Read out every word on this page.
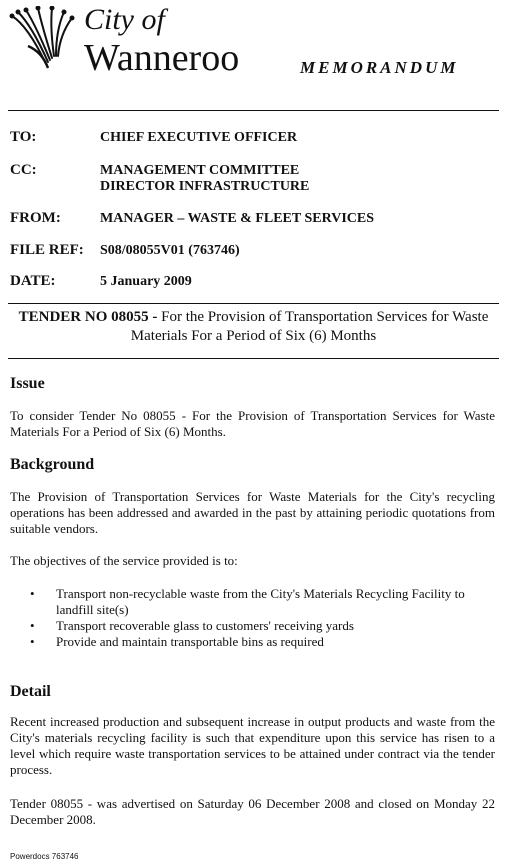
City of
Wanneroo	MEMORANDUM
TO:	CHIEF EXECUTIVE OFFICER
CC:	MANAGEMENT COMMITTEE
DIRECTOR INFRASTRUCTURE
FROM:	MANAGER – WASTE & FLEET SERVICES
FILE REF: S08/08055V01 (763746)
DATE:	5 January 2009
TENDER NO 08055 - For the Provision of Transportation Services for Waste Materials For a Period of Six (6) Months
Issue
To consider Tender No 08055 - For the Provision of Transportation Services for Waste Materials For a Period of Six (6) Months.
Background
The Provision of Transportation Services for Waste Materials for the City's recycling operations has been addressed and awarded in the past by attaining periodic quotations from suitable vendors.
The objectives of the service provided is to:
• Transport non-recyclable waste from the City's Materials Recycling Facility to landfill site(s)
• Transport recoverable glass to customers' receiving yards
• Provide and maintain transportable bins as required
Detail
Recent increased production and subsequent increase in output products and waste from the City's materials recycling facility is such that expenditure upon this service has risen to a level which require waste transportation services to be attained under contract via the tender process.
Tender 08055 - was advertised on Saturday 06 December 2008 and closed on Monday 22 December 2008.
Powerdocs 763746
